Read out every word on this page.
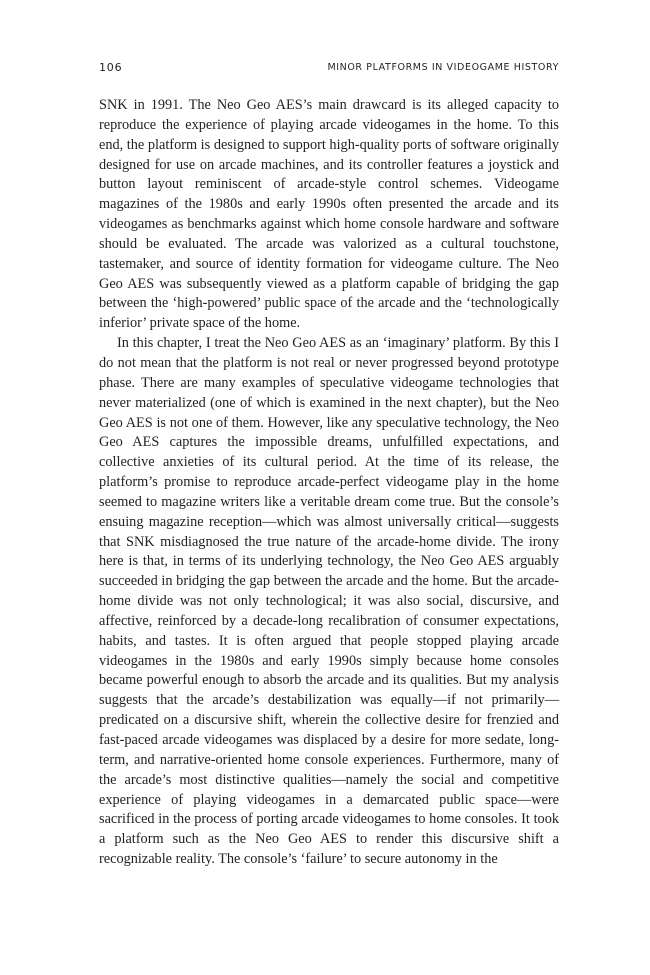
106	MINOR PLATFORMS IN VIDEOGAME HISTORY

SNK in 1991. The Neo Geo AES’s main drawcard is its alleged capacity to reproduce the experience of playing arcade videogames in the home. To this end, the platform is designed to support high-quality ports of software originally designed for use on arcade machines, and its controller features a joystick and button layout reminiscent of arcade-style control schemes. Videogame magazines of the 1980s and early 1990s often presented the arcade and its videogames as benchmarks against which home console hardware and software should be evaluated. The arcade was valorized as a cultural touchstone, tastemaker, and source of identity formation for videogame culture. The Neo Geo AES was subsequently viewed as a platform capable of bridging the gap between the ‘high-powered’ public space of the arcade and the ‘technologically inferior’ private space of the home.

In this chapter, I treat the Neo Geo AES as an ‘imaginary’ platform. By this I do not mean that the platform is not real or never progressed beyond prototype phase. There are many examples of speculative videogame technologies that never materialized (one of which is examined in the next chapter), but the Neo Geo AES is not one of them. However, like any speculative technology, the Neo Geo AES captures the impossible dreams, unfulfilled expectations, and collective anxieties of its cultural period. At the time of its release, the platform’s promise to reproduce arcade-perfect videogame play in the home seemed to magazine writers like a veritable dream come true. But the console’s ensuing magazine reception—which was almost universally critical—suggests that SNK misdiagnosed the true nature of the arcade-home divide. The irony here is that, in terms of its underlying technology, the Neo Geo AES arguably succeeded in bridging the gap between the arcade and the home. But the arcade-home divide was not only technological; it was also social, discursive, and affective, reinforced by a decade-long recalibration of consumer expectations, habits, and tastes. It is often argued that people stopped playing arcade videogames in the 1980s and early 1990s simply because home consoles became powerful enough to absorb the arcade and its qualities. But my analysis suggests that the arcade’s destabilization was equally—if not primarily—predicated on a discursive shift, wherein the collective desire for frenzied and fast-paced arcade videogames was displaced by a desire for more sedate, long-term, and narrative-oriented home console experiences. Furthermore, many of the arcade’s most distinctive qualities—namely the social and competitive experience of playing videogames in a demarcated public space—were sacrificed in the process of porting arcade videogames to home consoles. It took a platform such as the Neo Geo AES to render this discursive shift a recognizable reality. The console’s ‘failure’ to secure autonomy in the
